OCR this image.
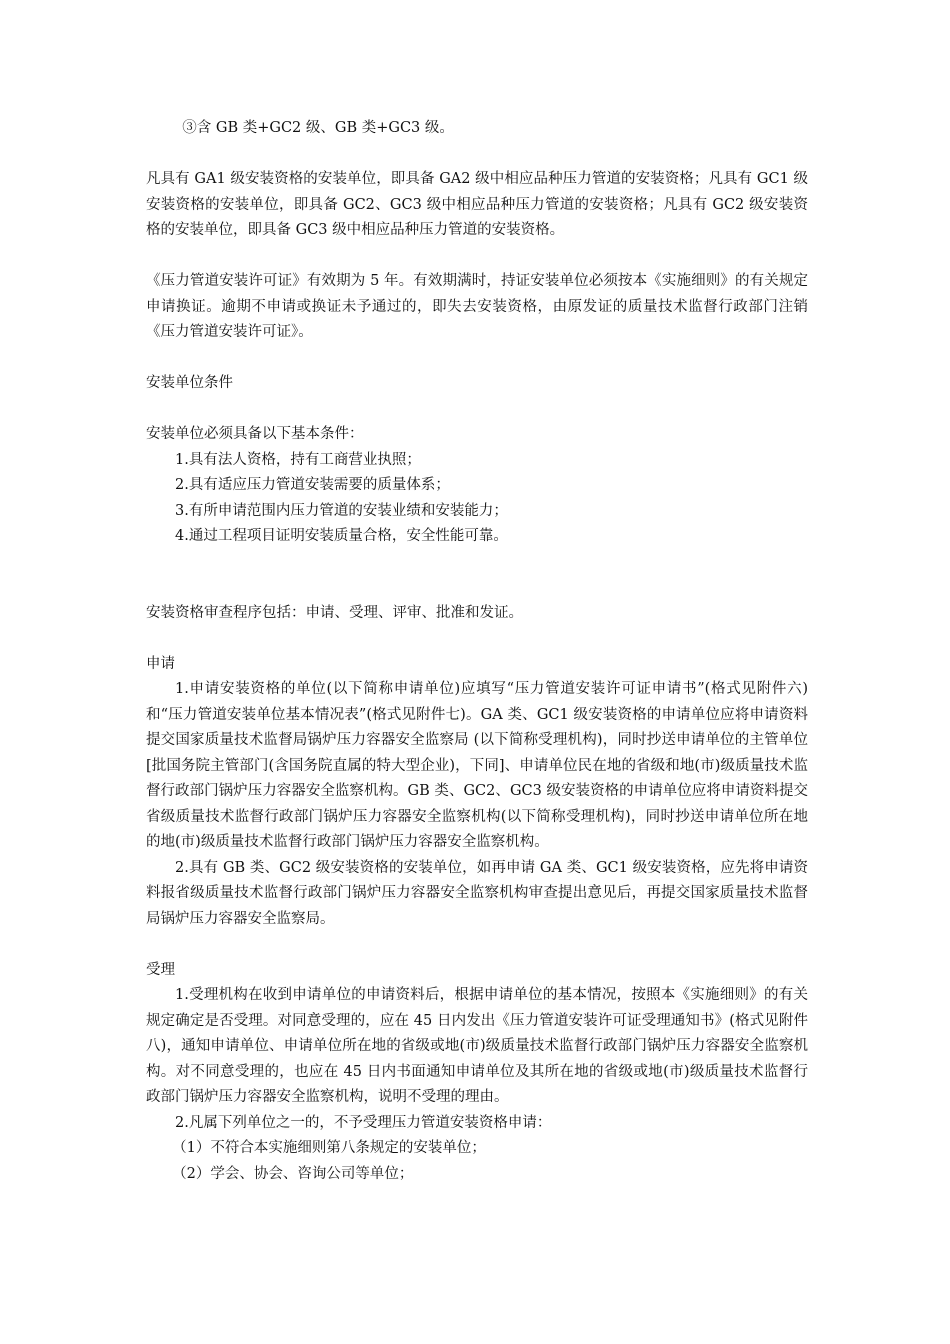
③含 GB 类+GC2 级、GB 类+GC3 级。

凡具有 GA1 级安装资格的安装单位，即具备 GA2 级中相应品种压力管道的安装资格；凡具有 GC1 级安装资格的安装单位，即具备 GC2、GC3 级中相应品种压力管道的安装资格；凡具有 GC2 级安装资格的安装单位，即具备 GC3 级中相应品种压力管道的安装资格。

《压力管道安装许可证》有效期为 5 年。有效期满时，持证安装单位必须按本《实施细则》的有关规定申请换证。逾期不申请或换证未予通过的，即失去安装资格，由原发证的质量技术监督行政部门注销《压力管道安装许可证》。

安装单位条件

安装单位必须具备以下基本条件：

1.具有法人资格，持有工商营业执照；

2.具有适应压力管道安装需要的质量体系；

3.有所申请范围内压力管道的安装业绩和安装能力；

4.通过工程项目证明安装质量合格，安全性能可靠。

安装资格审查程序包括：申请、受理、评审、批准和发证。

申请

1.申请安装资格的单位(以下简称申请单位)应填写“压力管道安装许可证申请书”(格式见附件六)和“压力管道安装单位基本情况表”(格式见附件七)。GA 类、GC1 级安装资格的申请单位应将申请资料提交国家质量技术监督局锅炉压力容器安全监察局 (以下简称受理机构)，同时抄送申请单位的主管单位[批国务院主管部门(含国务院直属的特大型企业)，下同]、申请单位民在地的省级和地(市)级质量技术监督行政部门锅炉压力容器安全监察机构。GB 类、GC2、GC3 级安装资格的申请单位应将申请资料提交省级质量技术监督行政部门锅炉压力容器安全监察机构(以下简称受理机构)，同时抄送申请单位所在地的地(市)级质量技术监督行政部门锅炉压力容器安全监察机构。

2.具有 GB 类、GC2 级安装资格的安装单位，如再申请 GA 类、GC1 级安装资格，应先将申请资料报省级质量技术监督行政部门锅炉压力容器安全监察机构审查提出意见后，再提交国家质量技术监督局锅炉压力容器安全监察局。

受理

1.受理机构在收到申请单位的申请资料后，根据申请单位的基本情况，按照本《实施细则》的有关规定确定是否受理。对同意受理的，应在 45 日内发出《压力管道安装许可证受理通知书》(格式见附件八)，通知申请单位、申请单位所在地的省级或地(市)级质量技术监督行政部门锅炉压力容器安全监察机构。对不同意受理的，也应在 45 日内书面通知申请单位及其所在地的省级或地(市)级质量技术监督行政部门锅炉压力容器安全监察机构，说明不受理的理由。

2.凡属下列单位之一的，不予受理压力管道安装资格申请：

（1）不符合本实施细则第八条规定的安装单位；

（2）学会、协会、咨询公司等单位；
